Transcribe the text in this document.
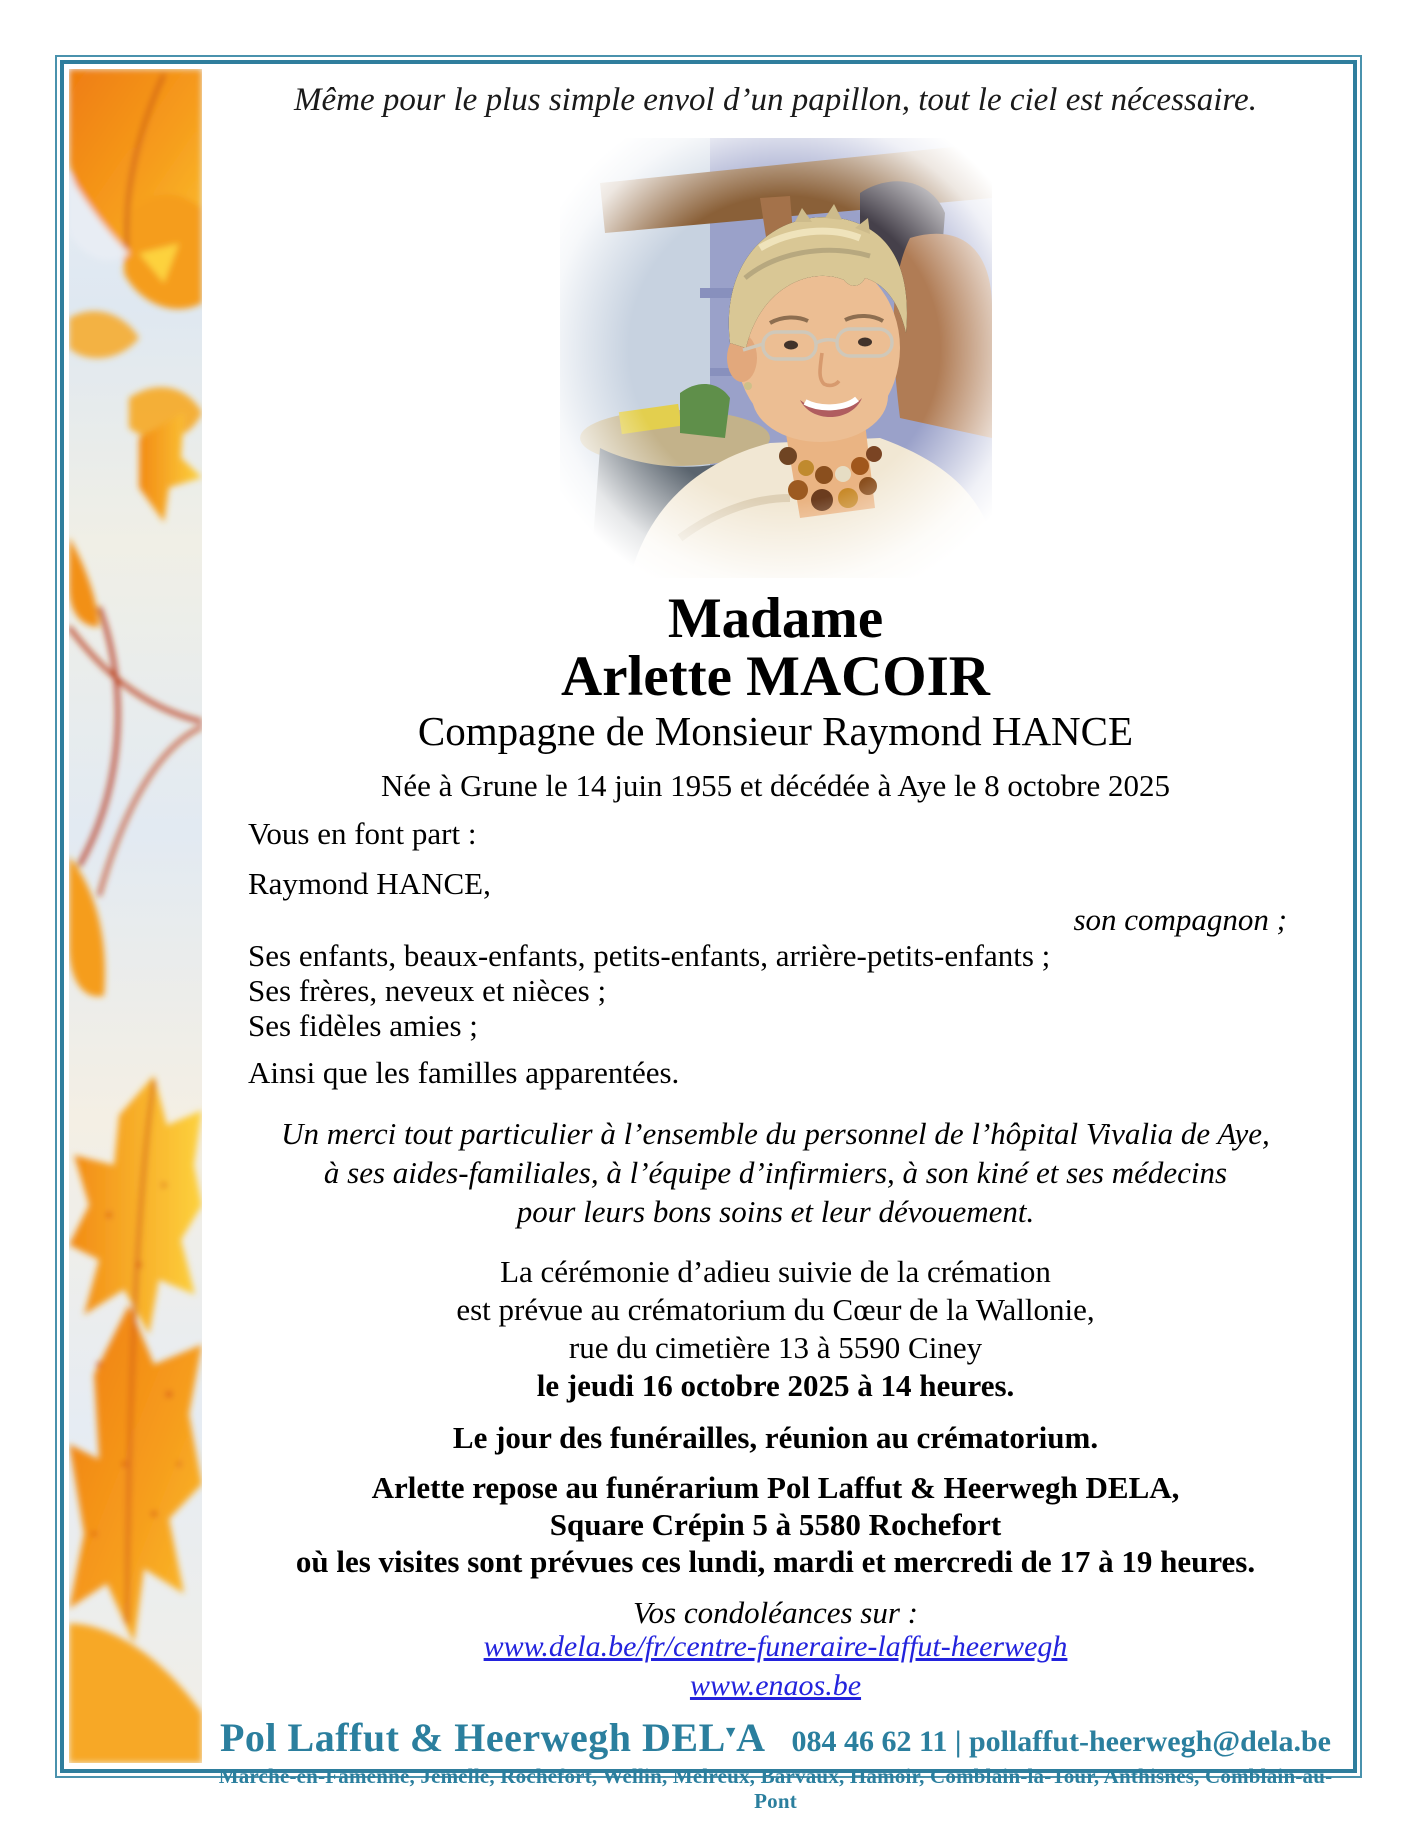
Même pour le plus simple envol d’un papillon, tout le ciel est nécessaire.
Madame
Arlette MACOIR
Compagne de Monsieur Raymond HANCE
Née à Grune le 14 juin 1955 et décédée à Aye le 8 octobre 2025
Vous en font part :
Raymond HANCE,
son compagnon ;
Ses enfants, beaux-enfants, petits-enfants, arrière-petits-enfants ;
Ses frères, neveux et nièces ;
Ses fidèles amies ;
Ainsi que les familles apparentées.
Un merci tout particulier à l’ensemble du personnel de l’hôpital Vivalia de Aye,
à ses aides-familiales, à l’équipe d’infirmiers, à son kiné et ses médecins
pour leurs bons soins et leur dévouement.
La cérémonie d’adieu suivie de la crémation
est prévue au crématorium du Cœur de la Wallonie,
rue du cimetière 13 à 5590 Ciney
le jeudi 16 octobre 2025 à 14 heures.
Le jour des funérailles, réunion au crématorium.
Arlette repose au funérarium Pol Laffut & Heerwegh DELA,
Square Crépin 5 à 5580 Rochefort
où les visites sont prévues ces lundi, mardi et mercredi de 17 à 19 heures.
Vos condoléances sur :
www.dela.be/fr/centre-funeraire-laffut-heerwegh
www.enaos.be
Pol Laffut & Heerwegh DEL▼A 084 46 62 11 | pollaffut-heerwegh@dela.be
Marche-en-Famenne, Jemelle, Rochefort, Wellin, Melreux, Barvaux, Hamoir, Comblain-la-Tour, Anthisnes, Comblain-au-Pont
